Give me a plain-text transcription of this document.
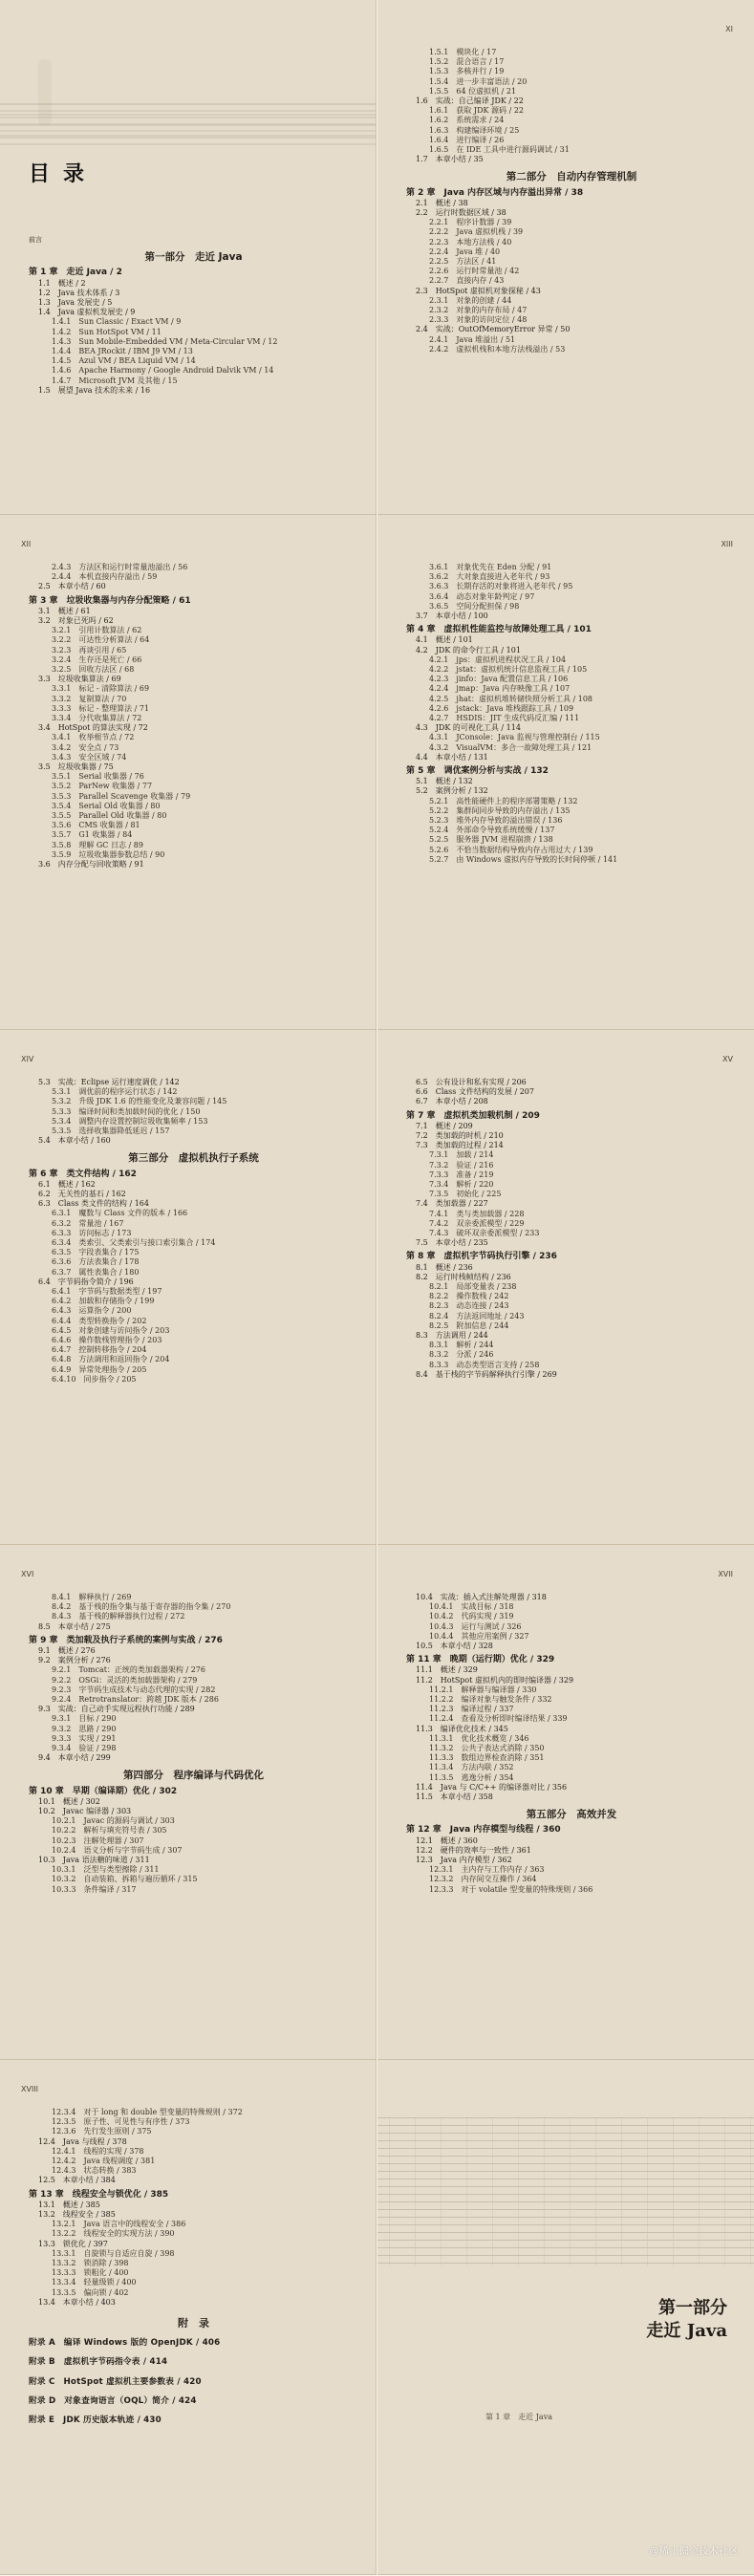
目录
前言
第一部分　走近 Java
第 1 章　走近 Java / 2
1.1　概述 / 2
1.2　Java 技术体系 / 3
1.3　Java 发展史 / 5
1.4　Java 虚拟机发展史 / 9
1.4.1　Sun Classic / Exact VM / 9
1.4.2　Sun HotSpot VM / 11
1.4.3　Sun Mobile-Embedded VM / Meta-Circular VM / 12
1.4.4　BEA JRockit / IBM J9 VM / 13
1.4.5　Azul VM / BEA Liquid VM / 14
1.4.6　Apache Harmony / Google Android Dalvik VM / 14
1.4.7　Microsoft JVM 及其他 / 15
1.5　展望 Java 技术的未来 / 16
XI
1.5.1　模块化 / 17
1.5.2　混合语言 / 17
1.5.3　多核并行 / 19
1.5.4　进一步丰富语法 / 20
1.5.5　64 位虚拟机 / 21
1.6　实战：自己编译 JDK / 22
1.6.1　获取 JDK 源码 / 22
1.6.2　系统需求 / 24
1.6.3　构建编译环境 / 25
1.6.4　进行编译 / 26
1.6.5　在 IDE 工具中进行源码调试 / 31
1.7　本章小结 / 35
第二部分　自动内存管理机制
第 2 章　Java 内存区域与内存溢出异常 / 38
2.1　概述 / 38
2.2　运行时数据区域 / 38
2.2.1　程序计数器 / 39
2.2.2　Java 虚拟机栈 / 39
2.2.3　本地方法栈 / 40
2.2.4　Java 堆 / 40
2.2.5　方法区 / 41
2.2.6　运行时常量池 / 42
2.2.7　直接内存 / 43
2.3　HotSpot 虚拟机对象探秘 / 43
2.3.1　对象的创建 / 44
2.3.2　对象的内存布局 / 47
2.3.3　对象的访问定位 / 48
2.4　实战：OutOfMemoryError 异常 / 50
2.4.1　Java 堆溢出 / 51
2.4.2　虚拟机栈和本地方法栈溢出 / 53
XII
2.4.3　方法区和运行时常量池溢出 / 56
2.4.4　本机直接内存溢出 / 59
2.5　本章小结 / 60
第 3 章　垃圾收集器与内存分配策略 / 61
3.1　概述 / 61
3.2　对象已死吗 / 62
3.2.1　引用计数算法 / 62
3.2.2　可达性分析算法 / 64
3.2.3　再谈引用 / 65
3.2.4　生存还是死亡 / 66
3.2.5　回收方法区 / 68
3.3　垃圾收集算法 / 69
3.3.1　标记 - 清除算法 / 69
3.3.2　复制算法 / 70
3.3.3　标记 - 整理算法 / 71
3.3.4　分代收集算法 / 72
3.4　HotSpot 的算法实现 / 72
3.4.1　枚举根节点 / 72
3.4.2　安全点 / 73
3.4.3　安全区域 / 74
3.5　垃圾收集器 / 75
3.5.1　Serial 收集器 / 76
3.5.2　ParNew 收集器 / 77
3.5.3　Parallel Scavenge 收集器 / 79
3.5.4　Serial Old 收集器 / 80
3.5.5　Parallel Old 收集器 / 80
3.5.6　CMS 收集器 / 81
3.5.7　G1 收集器 / 84
3.5.8　理解 GC 日志 / 89
3.5.9　垃圾收集器参数总结 / 90
3.6　内存分配与回收策略 / 91
XIII
3.6.1　对象优先在 Eden 分配 / 91
3.6.2　大对象直接进入老年代 / 93
3.6.3　长期存活的对象将进入老年代 / 95
3.6.4　动态对象年龄判定 / 97
3.6.5　空间分配担保 / 98
3.7　本章小结 / 100
第 4 章　虚拟机性能监控与故障处理工具 / 101
4.1　概述 / 101
4.2　JDK 的命令行工具 / 101
4.2.1　jps：虚拟机进程状况工具 / 104
4.2.2　jstat：虚拟机统计信息监视工具 / 105
4.2.3　jinfo：Java 配置信息工具 / 106
4.2.4　jmap：Java 内存映像工具 / 107
4.2.5　jhat：虚拟机堆转储快照分析工具 / 108
4.2.6　jstack：Java 堆栈跟踪工具 / 109
4.2.7　HSDIS：JIT 生成代码反汇编 / 111
4.3　JDK 的可视化工具 / 114
4.3.1　JConsole：Java 监视与管理控制台 / 115
4.3.2　VisualVM：多合一故障处理工具 / 121
4.4　本章小结 / 131
第 5 章　调优案例分析与实战 / 132
5.1　概述 / 132
5.2　案例分析 / 132
5.2.1　高性能硬件上的程序部署策略 / 132
5.2.2　集群间同步导致的内存溢出 / 135
5.2.3　堆外内存导致的溢出错误 / 136
5.2.4　外部命令导致系统缓慢 / 137
5.2.5　服务器 JVM 进程崩溃 / 138
5.2.6　不恰当数据结构导致内存占用过大 / 139
5.2.7　由 Windows 虚拟内存导致的长时间停顿 / 141
XIV
5.3　实战：Eclipse 运行速度调优 / 142
5.3.1　调优前的程序运行状态 / 142
5.3.2　升级 JDK 1.6 的性能变化及兼容问题 / 145
5.3.3　编译时间和类加载时间的优化 / 150
5.3.4　调整内存设置控制垃圾收集频率 / 153
5.3.5　选择收集器降低延迟 / 157
5.4　本章小结 / 160
第三部分　虚拟机执行子系统
第 6 章　类文件结构 / 162
6.1　概述 / 162
6.2　无关性的基石 / 162
6.3　Class 类文件的结构 / 164
6.3.1　魔数与 Class 文件的版本 / 166
6.3.2　常量池 / 167
6.3.3　访问标志 / 173
6.3.4　类索引、父类索引与接口索引集合 / 174
6.3.5　字段表集合 / 175
6.3.6　方法表集合 / 178
6.3.7　属性表集合 / 180
6.4　字节码指令简介 / 196
6.4.1　字节码与数据类型 / 197
6.4.2　加载和存储指令 / 199
6.4.3　运算指令 / 200
6.4.4　类型转换指令 / 202
6.4.5　对象创建与访问指令 / 203
6.4.6　操作数栈管理指令 / 203
6.4.7　控制转移指令 / 204
6.4.8　方法调用和返回指令 / 204
6.4.9　异常处理指令 / 205
6.4.10　同步指令 / 205
XV
6.5　公有设计和私有实现 / 206
6.6　Class 文件结构的发展 / 207
6.7　本章小结 / 208
第 7 章　虚拟机类加载机制 / 209
7.1　概述 / 209
7.2　类加载的时机 / 210
7.3　类加载的过程 / 214
7.3.1　加载 / 214
7.3.2　验证 / 216
7.3.3　准备 / 219
7.3.4　解析 / 220
7.3.5　初始化 / 225
7.4　类加载器 / 227
7.4.1　类与类加载器 / 228
7.4.2　双亲委派模型 / 229
7.4.3　破坏双亲委派模型 / 233
7.5　本章小结 / 235
第 8 章　虚拟机字节码执行引擎 / 236
8.1　概述 / 236
8.2　运行时栈帧结构 / 236
8.2.1　局部变量表 / 238
8.2.2　操作数栈 / 242
8.2.3　动态连接 / 243
8.2.4　方法返回地址 / 243
8.2.5　附加信息 / 244
8.3　方法调用 / 244
8.3.1　解析 / 244
8.3.2　分派 / 246
8.3.3　动态类型语言支持 / 258
8.4　基于栈的字节码解释执行引擎 / 269
XVI
8.4.1　解释执行 / 269
8.4.2　基于栈的指令集与基于寄存器的指令集 / 270
8.4.3　基于栈的解释器执行过程 / 272
8.5　本章小结 / 275
第 9 章　类加载及执行子系统的案例与实战 / 276
9.1　概述 / 276
9.2　案例分析 / 276
9.2.1　Tomcat：正统的类加载器架构 / 276
9.2.2　OSGi：灵活的类加载器架构 / 279
9.2.3　字节码生成技术与动态代理的实现 / 282
9.2.4　Retrotranslator：跨越 JDK 版本 / 286
9.3　实战：自己动手实现远程执行功能 / 289
9.3.1　目标 / 290
9.3.2　思路 / 290
9.3.3　实现 / 291
9.3.4　验证 / 298
9.4　本章小结 / 299
第四部分　程序编译与代码优化
第 10 章　早期（编译期）优化 / 302
10.1　概述 / 302
10.2　Javac 编译器 / 303
10.2.1　Javac 的源码与调试 / 303
10.2.2　解析与填充符号表 / 305
10.2.3　注解处理器 / 307
10.2.4　语义分析与字节码生成 / 307
10.3　Java 语法糖的味道 / 311
10.3.1　泛型与类型擦除 / 311
10.3.2　自动装箱、拆箱与遍历循环 / 315
10.3.3　条件编译 / 317
XVII
10.4　实战：插入式注解处理器 / 318
10.4.1　实战目标 / 318
10.4.2　代码实现 / 319
10.4.3　运行与测试 / 326
10.4.4　其他应用案例 / 327
10.5　本章小结 / 328
第 11 章　晚期（运行期）优化 / 329
11.1　概述 / 329
11.2　HotSpot 虚拟机内的即时编译器 / 329
11.2.1　解释器与编译器 / 330
11.2.2　编译对象与触发条件 / 332
11.2.3　编译过程 / 337
11.2.4　查看及分析即时编译结果 / 339
11.3　编译优化技术 / 345
11.3.1　优化技术概览 / 346
11.3.2　公共子表达式消除 / 350
11.3.3　数组边界检查消除 / 351
11.3.4　方法内联 / 352
11.3.5　逃逸分析 / 354
11.4　Java 与 C/C++ 的编译器对比 / 356
11.5　本章小结 / 358
第五部分　高效并发
第 12 章　Java 内存模型与线程 / 360
12.1　概述 / 360
12.2　硬件的效率与一致性 / 361
12.3　Java 内存模型 / 362
12.3.1　主内存与工作内存 / 363
12.3.2　内存间交互操作 / 364
12.3.3　对于 volatile 型变量的特殊规则 / 366
XVIII
12.3.4　对于 long 和 double 型变量的特殊规则 / 372
12.3.5　原子性、可见性与有序性 / 373
12.3.6　先行发生原则 / 375
12.4　Java 与线程 / 378
12.4.1　线程的实现 / 378
12.4.2　Java 线程调度 / 381
12.4.3　状态转换 / 383
12.5　本章小结 / 384
第 13 章　线程安全与锁优化 / 385
13.1　概述 / 385
13.2　线程安全 / 385
13.2.1　Java 语言中的线程安全 / 386
13.2.2　线程安全的实现方法 / 390
13.3　锁优化 / 397
13.3.1　自旋锁与自适应自旋 / 398
13.3.2　锁消除 / 398
13.3.3　锁粗化 / 400
13.3.4　轻量级锁 / 400
13.3.5　偏向锁 / 402
13.4　本章小结 / 403
附　录
附录 A　编译 Windows 版的 OpenJDK / 406
附录 B　虚拟机字节码指令表 / 414
附录 C　HotSpot 虚拟机主要参数表 / 420
附录 D　对象查询语言（OQL）简介 / 424
附录 E　JDK 历史版本轨迹 / 430
第一部分
走近 Java
第 1 章　走近 Java
@稀土掘金技术社区
